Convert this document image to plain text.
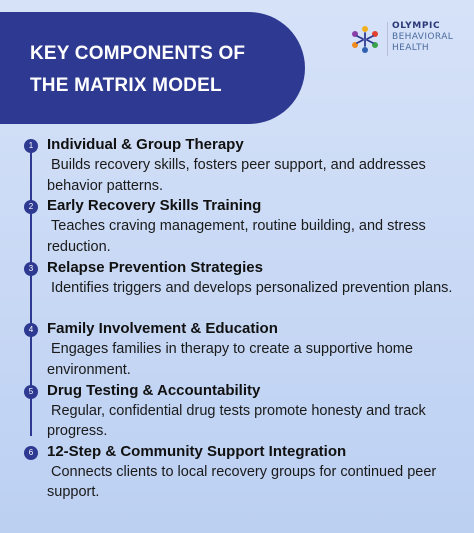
KEY COMPONENTS OF
THE MATRIX MODEL
OLYMPIC
BEHAVIORAL
HEALTH
1 Individual & Group Therapy
Builds recovery skills, fosters peer support, and addresses behavior patterns.
2 Early Recovery Skills Training
Teaches craving management, routine building, and stress reduction.
3 Relapse Prevention Strategies
Identifies triggers and develops personalized prevention plans.
4 Family Involvement & Education
Engages families in therapy to create a supportive home environment.
5 Drug Testing & Accountability
Regular, confidential drug tests promote honesty and track progress.
6 12-Step & Community Support Integration
Connects clients to local recovery groups for continued peer support.
